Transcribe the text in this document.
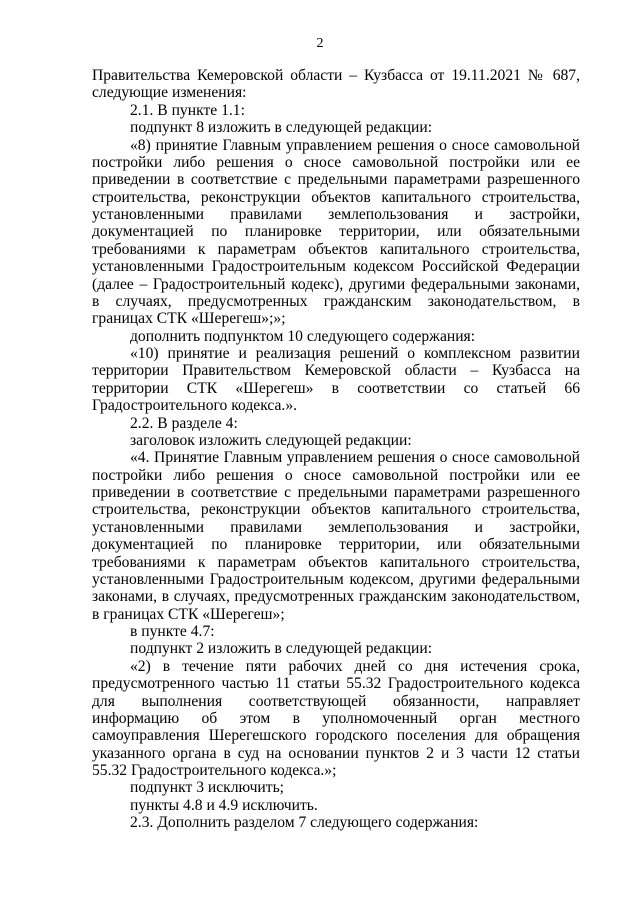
2

Правительства Кемеровской области – Кузбасса от 19.11.2021 № 687, следующие изменения:

2.1. В пункте 1.1:

подпункт 8 изложить в следующей редакции:

«8) принятие Главным управлением решения о сносе самовольной постройки либо решения о сносе самовольной постройки или ее приведении в соответствие с предельными параметрами разрешенного строительства, реконструкции объектов капитального строительства, установленными правилами землепользования и застройки, документацией по планировке территории, или обязательными требованиями к параметрам объектов капитального строительства, установленными Градостроительным кодексом Российской Федерации (далее – Градостроительный кодекс), другими федеральными законами, в случаях, предусмотренных гражданским законодательством, в границах СТК «Шерегеш»;»;

дополнить подпунктом 10 следующего содержания:

«10) принятие и реализация решений о комплексном развитии территории Правительством Кемеровской области – Кузбасса на территории СТК «Шерегеш» в соответствии со статьей 66 Градостроительного кодекса.».

2.2. В разделе 4:

заголовок изложить следующей редакции:

«4. Принятие Главным управлением решения о сносе самовольной постройки либо решения о сносе самовольной постройки или ее приведении в соответствие с предельными параметрами разрешенного строительства, реконструкции объектов капитального строительства, установленными правилами землепользования и застройки, документацией по планировке территории, или обязательными требованиями к параметрам объектов капитального строительства, установленными Градостроительным кодексом, другими федеральными законами, в случаях, предусмотренных гражданским законодательством, в границах СТК «Шерегеш»;

в пункте 4.7:

подпункт 2 изложить в следующей редакции:

«2) в течение пяти рабочих дней со дня истечения срока, предусмотренного частью 11 статьи 55.32 Градостроительного кодекса для выполнения соответствующей обязанности, направляет информацию об этом в уполномоченный орган местного самоуправления Шерегешского городского поселения для обращения указанного органа в суд на основании пунктов 2 и 3 части 12 статьи 55.32 Градостроительного кодекса.»;

подпункт 3 исключить;

пункты 4.8 и 4.9 исключить.

2.3. Дополнить разделом 7 следующего содержания:
